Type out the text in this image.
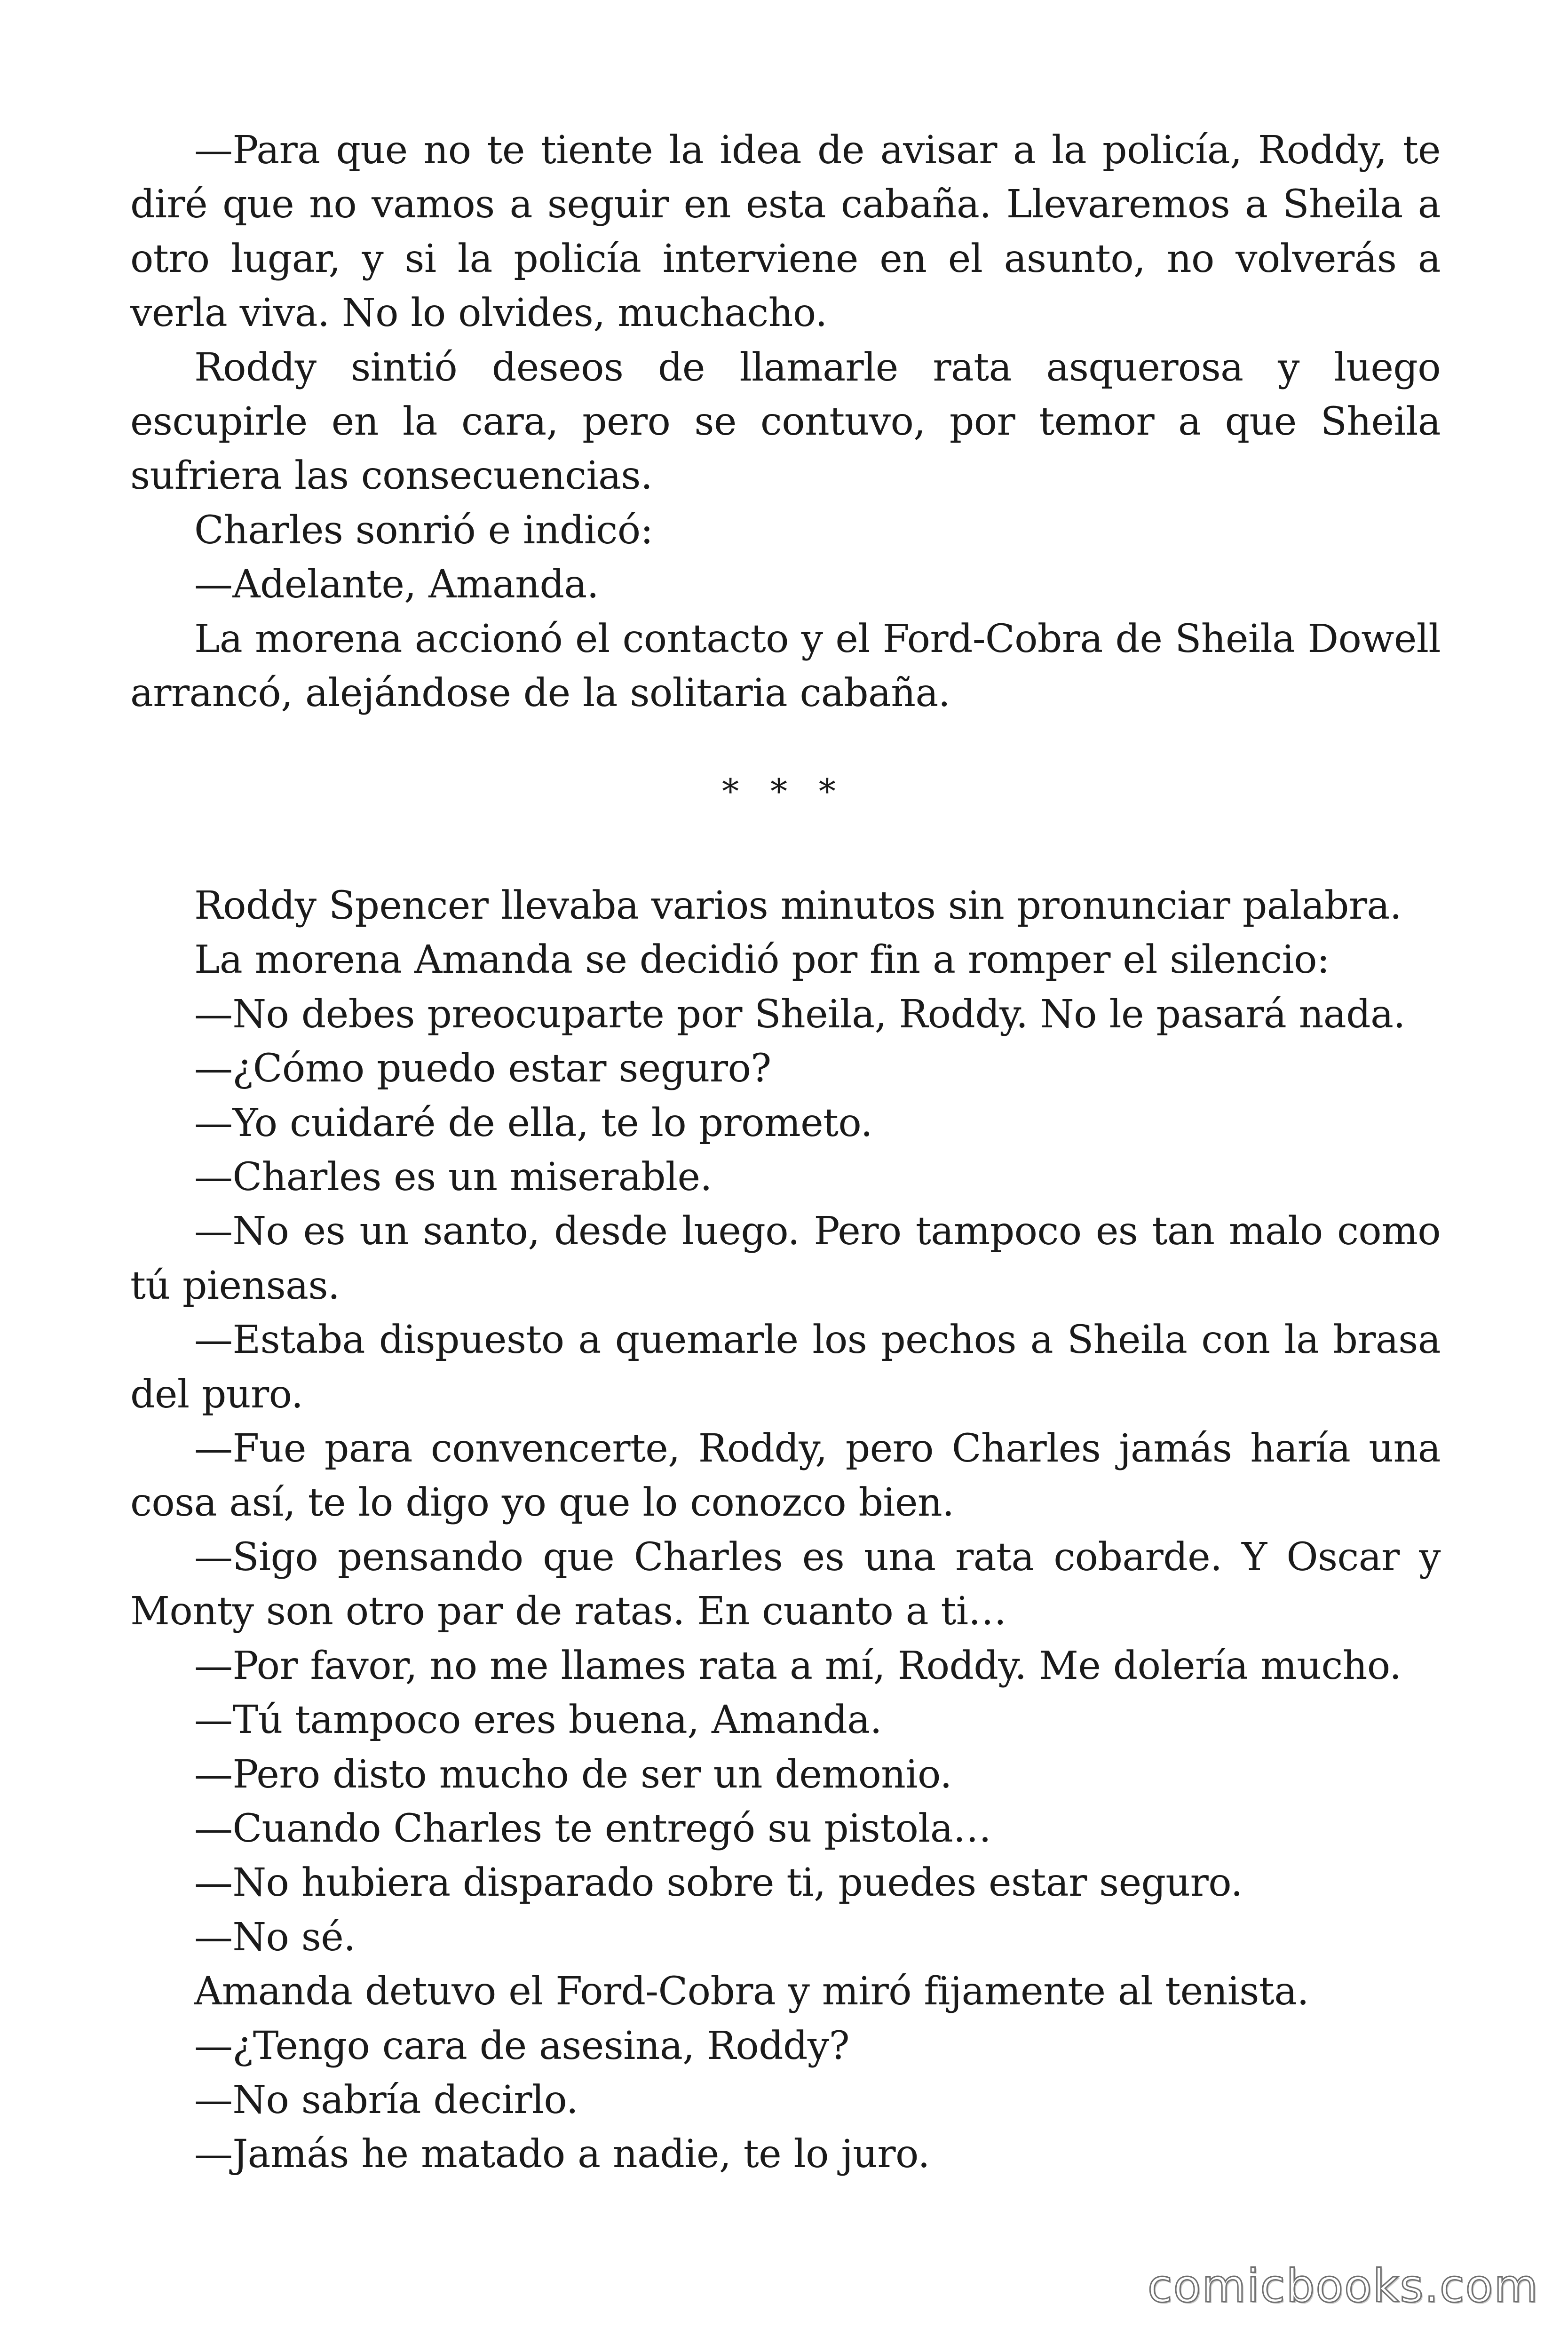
—Para que no te tiente la idea de avisar a la policía, Roddy, te diré que no vamos a seguir en esta cabaña. Llevaremos a Sheila a otro lugar, y si la policía interviene en el asunto, no volverás a verla viva. No lo olvides, muchacho.

Roddy sintió deseos de llamarle rata asquerosa y luego escupirle en la cara, pero se contuvo, por temor a que Sheila sufriera las consecuencias.

Charles sonrió e indicó:

—Adelante, Amanda.

La morena accionó el contacto y el Ford-Cobra de Sheila Dowell arrancó, alejándose de la solitaria cabaña.

* * *

Roddy Spencer llevaba varios minutos sin pronunciar palabra.

La morena Amanda se decidió por fin a romper el silencio:

—No debes preocuparte por Sheila, Roddy. No le pasará nada.

—¿Cómo puedo estar seguro?

—Yo cuidaré de ella, te lo prometo.

—Charles es un miserable.

—No es un santo, desde luego. Pero tampoco es tan malo como tú piensas.

—Estaba dispuesto a quemarle los pechos a Sheila con la brasa del puro.

—Fue para convencerte, Roddy, pero Charles jamás haría una cosa así, te lo digo yo que lo conozco bien.

—Sigo pensando que Charles es una rata cobarde. Y Oscar y Monty son otro par de ratas. En cuanto a ti…

—Por favor, no me llames rata a mí, Roddy. Me dolería mucho.

—Tú tampoco eres buena, Amanda.

—Pero disto mucho de ser un demonio.

—Cuando Charles te entregó su pistola…

—No hubiera disparado sobre ti, puedes estar seguro.

—No sé.

Amanda detuvo el Ford-Cobra y miró fijamente al tenista.

—¿Tengo cara de asesina, Roddy?

—No sabría decirlo.

—Jamás he matado a nadie, te lo juro.

comicbooks.com
